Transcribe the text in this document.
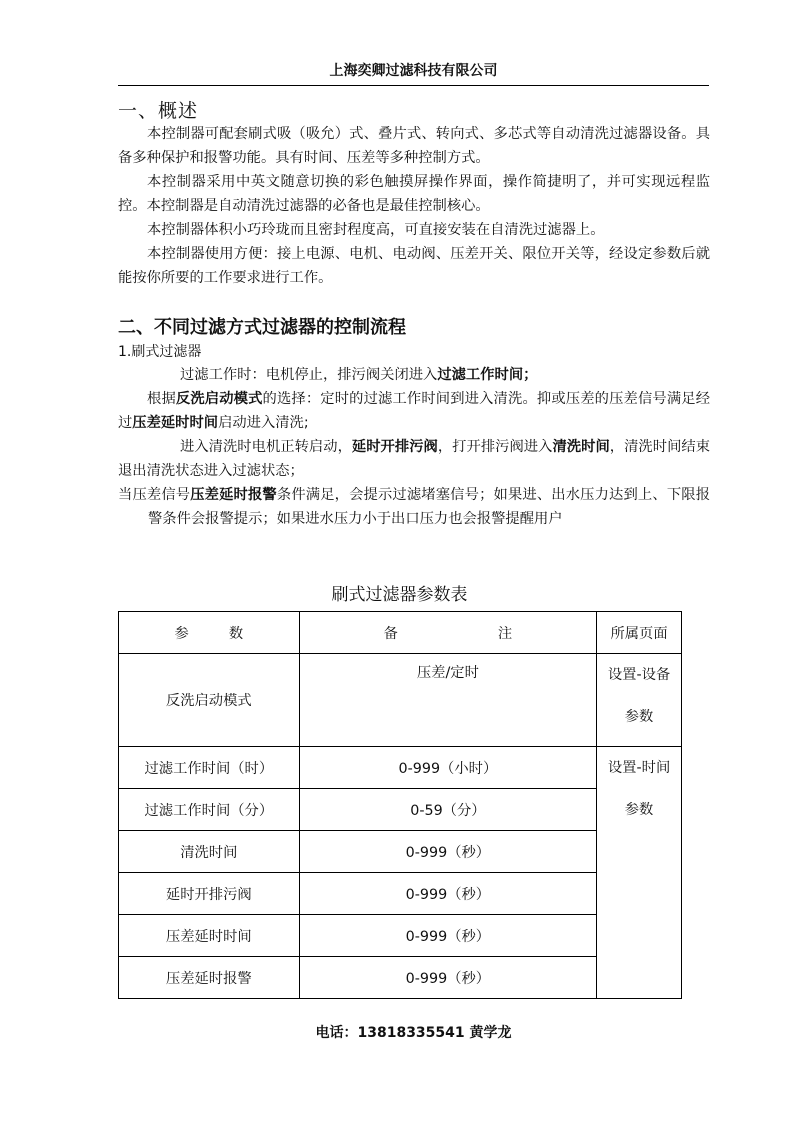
上海奕卿过滤科技有限公司
一、概述

本控制器可配套刷式吸（吸允）式、叠片式、转向式、多芯式等自动清洗过滤器设备。具备多种保护和报警功能。具有时间、压差等多种控制方式。

本控制器采用中英文随意切换的彩色触摸屏操作界面，操作简捷明了，并可实现远程监控。本控制器是自动清洗过滤器的必备也是最佳控制核心。

本控制器体积小巧玲珑而且密封程度高，可直接安装在自清洗过滤器上。

本控制器使用方便：接上电源、电机、电动阀、压差开关、限位开关等，经设定参数后就能按你所要的工作要求进行工作。

二、不同过滤方式过滤器的控制流程
1.刷式过滤器

过滤工作时：电机停止，排污阀关闭进入过滤工作时间；

根据反洗启动模式的选择：定时的过滤工作时间到进入清洗。抑或压差的压差信号满足经过压差延时时间启动进入清洗;

进入清洗时电机正转启动，延时开排污阀，打开排污阀进入清洗时间，清洗时间结束退出清洗状态进入过滤状态；

当压差信号压差延时报警条件满足，会提示过滤堵塞信号；如果进、出水压力达到上、下限报警条件会报警提示；如果进水压力小于出口压力也会报警提醒用户

刷式过滤器参数表
参 数	备 注	所属页面
反洗启动模式	压差/定时	设置-设备
参数

过滤工作时间（时）	0-999（小时）	设置-时间
参数

过滤工作时间（分）	0-59（分）	
清洗时间	0-999（秒）	
延时开排污阀	0-999（秒）	
压差延时时间	0-999（秒）	
压差延时报警	0-999（秒）	
电话：13818335541 黄学龙
